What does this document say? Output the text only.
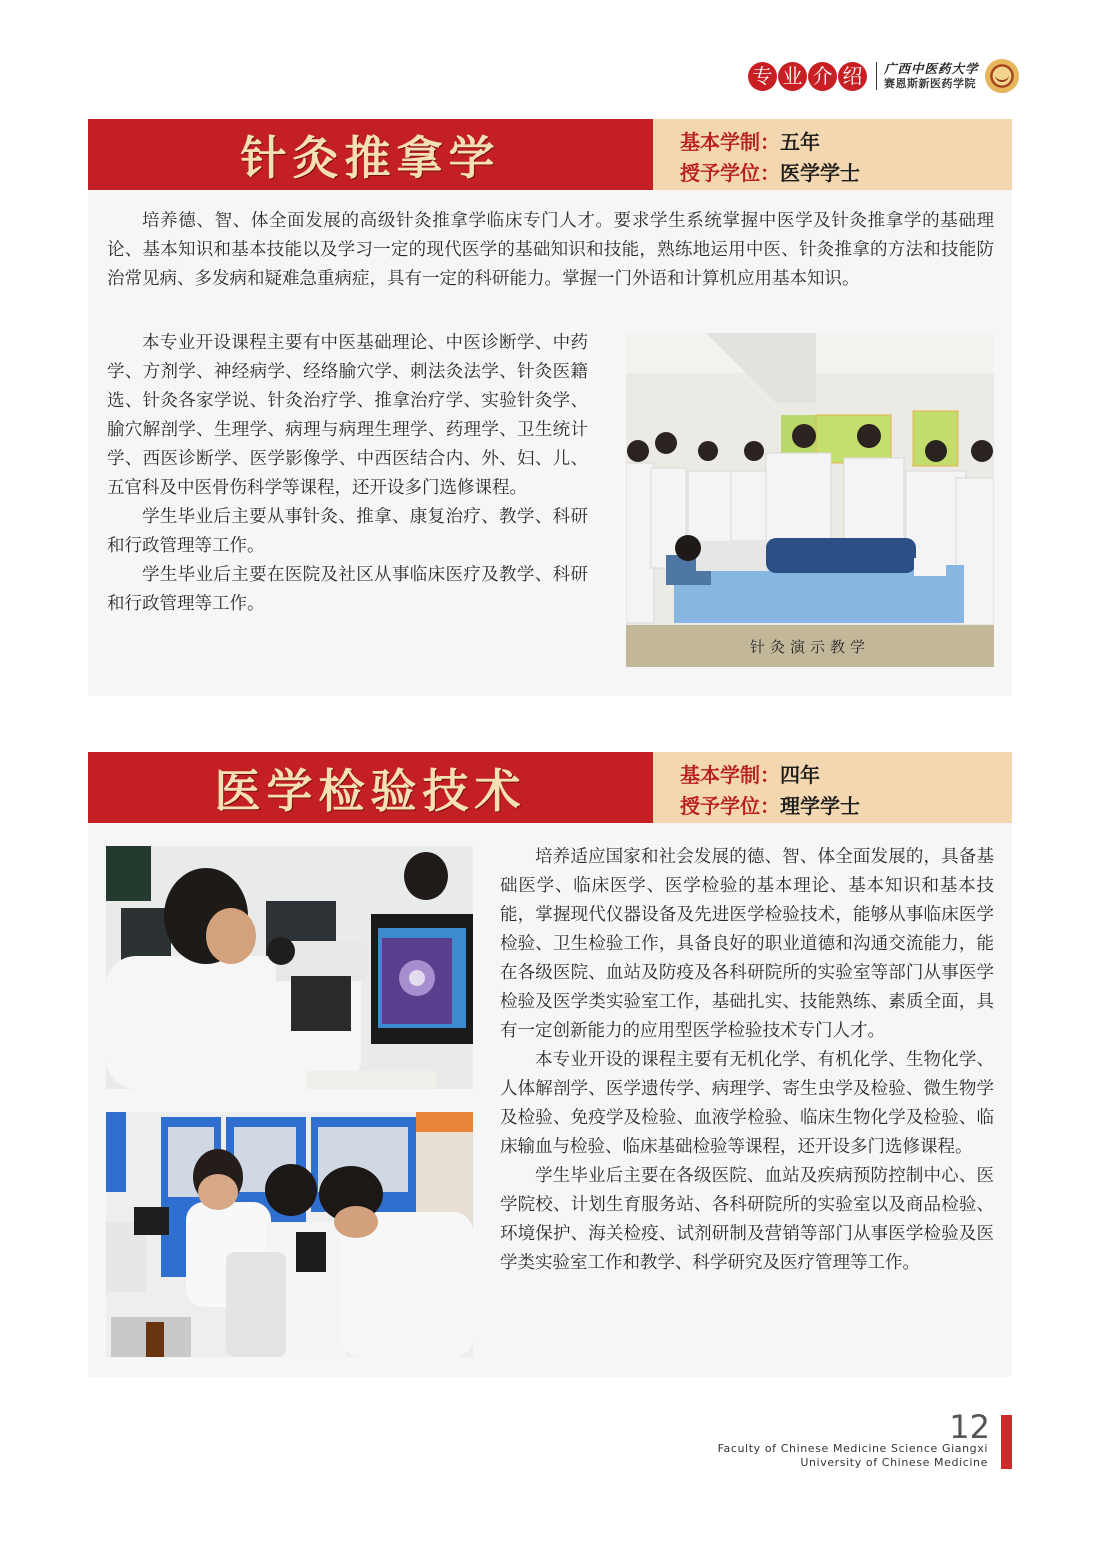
专 业 介 绍	广西中医药大学
赛恩斯新医药学院
针灸推拿学	基本学制：五年
授予学位：医学学士

培养德、智、体全面发展的高级针灸推拿学临床专门人才。要求学生系统掌握中医学及针灸推拿学的基础理论、基本知识和基本技能以及学习一定的现代医学的基础知识和技能，熟练地运用中医、针灸推拿的方法和技能防治常见病、多发病和疑难急重病症，具有一定的科研能力。掌握一门外语和计算机应用基本知识。

本专业开设课程主要有中医基础理论、中医诊断学、中药学、方剂学、神经病学、经络腧穴学、刺法灸法学、针灸医籍选、针灸各家学说、针灸治疗学、推拿治疗学、实验针灸学、腧穴解剖学、生理学、病理与病理生理学、药理学、卫生统计学、西医诊断学、医学影像学、中西医结合内、外、妇、儿、五官科及中医骨伤科学等课程，还开设多门选修课程。

学生毕业后主要从事针灸、推拿、康复治疗、教学、科研和行政管理等工作。

学生毕业后主要在医院及社区从事临床医疗及教学、科研和行政管理等工作。

针灸演示教学
医学检验技术	基本学制：四年
授予学位：理学学士

培养适应国家和社会发展的德、智、体全面发展的，具备基础医学、临床医学、医学检验的基本理论、基本知识和基本技能，掌握现代仪器设备及先进医学检验技术，能够从事临床医学检验、卫生检验工作，具备良好的职业道德和沟通交流能力，能在各级医院、血站及防疫及各科研院所的实验室等部门从事医学检验及医学类实验室工作，基础扎实、技能熟练、素质全面，具有一定创新能力的应用型医学检验技术专门人才。

本专业开设的课程主要有无机化学、有机化学、生物化学、人体解剖学、医学遗传学、病理学、寄生虫学及检验、微生物学及检验、免疫学及检验、血液学检验、临床生物化学及检验、临床输血与检验、临床基础检验等课程，还开设多门选修课程。

学生毕业后主要在各级医院、血站及疾病预防控制中心、医学院校、计划生育服务站、各科研院所的实验室以及商品检验、环境保护、海关检疫、试剂研制及营销等部门从事医学检验及医学类实验室工作和教学、科学研究及医疗管理等工作。

12
Faculty of Chinese Medicine Science Giangxi
University of Chinese Medicine
